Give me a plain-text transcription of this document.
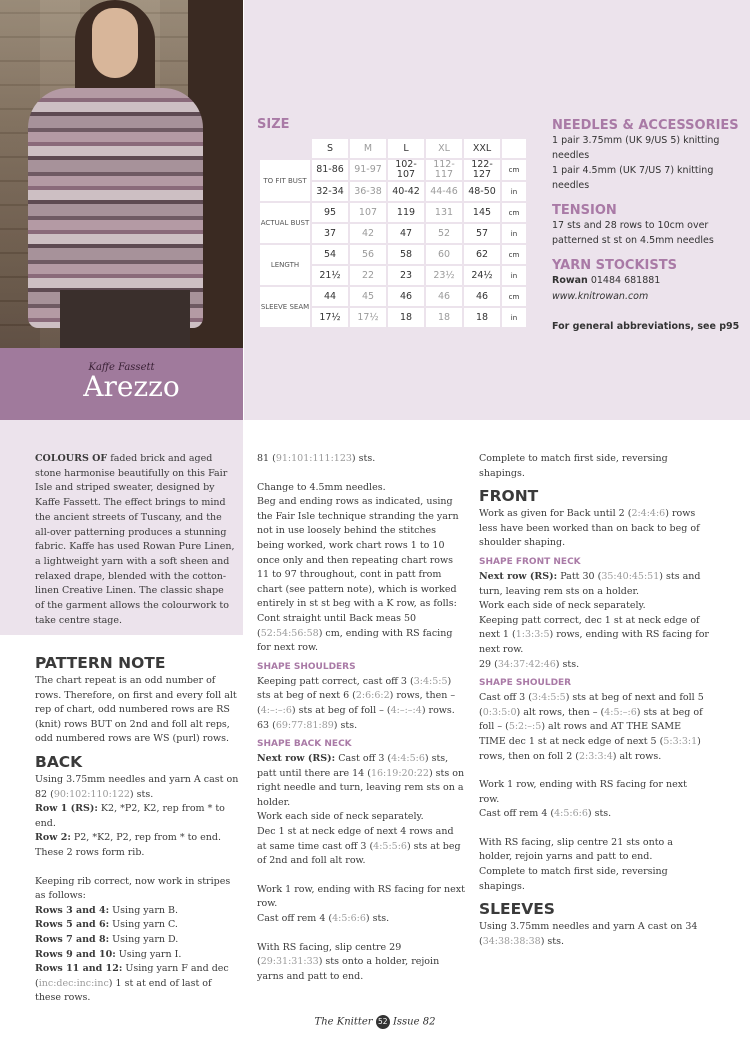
Kaffe Fassett
Arezzo
SIZE
	S	M	L	XL	XXL	
TO FIT BUST	81-86	91-97	102-107	112-117	122-127	cm
	32-34	36-38	40-42	44-46	48-50	in
ACTUAL BUST	95	107	119	131	145	cm
	37	42	47	52	57	in
LENGTH	54	56	58	60	62	cm
	21½	22	23	23½	24½	in
SLEEVE SEAM	44	45	46	46	46	cm
	17½	17½	18	18	18	in
NEEDLES & ACCESSORIES

1 pair 3.75mm (UK 9/US 5) knitting needles

1 pair 4.5mm (UK 7/US 7) knitting needles

TENSION

17 sts and 28 rows to 10cm over patterned st st on 4.5mm needles

YARN STOCKISTS

Rowan 01484 681881

www.knitrowan.com

For general abbreviations, see p95

COLOURS OF faded brick and aged stone harmonise beautifully on this Fair Isle and striped sweater, designed by Kaffe Fassett. The effect brings to mind the ancient streets of Tuscany, and the all-over patterning produces a stunning fabric. Kaffe has used Rowan Pure Linen, a lightweight yarn with a soft sheen and relaxed drape, blended with the cotton-linen Creative Linen. The classic shape of the garment allows the colourwork to take centre stage.
PATTERN NOTE

The chart repeat is an odd number of rows. Therefore, on first and every foll alt rep of chart, odd numbered rows are RS (knit) rows BUT on 2nd and foll alt reps, odd numbered rows are WS (purl) rows.

BACK

Using 3.75mm needles and yarn A cast on 82 (90:102:110:122) sts.

Row 1 (RS): K2, *P2, K2, rep from * to end.

Row 2: P2, *K2, P2, rep from * to end.

These 2 rows form rib.

Keeping rib correct, now work in stripes as follows:

Rows 3 and 4: Using yarn B.

Rows 5 and 6: Using yarn C.

Rows 7 and 8: Using yarn D.

Rows 9 and 10: Using yarn I.

Rows 11 and 12: Using yarn F and dec (inc:dec:inc:inc) 1 st at end of last of these rows.

81 (91:101:111:123) sts.

Change to 4.5mm needles.

Beg and ending rows as indicated, using the Fair Isle technique stranding the yarn not in use loosely behind the stitches being worked, work chart rows 1 to 10 once only and then repeating chart rows 11 to 97 throughout, cont in patt from chart (see pattern note), which is worked entirely in st st beg with a K row, as folls:

Cont straight until Back meas 50 (52:54:56:58) cm, ending with RS facing for next row.

SHAPE SHOULDERS

Keeping patt correct, cast off 3 (3:4:5:5) sts at beg of next 6 (2:6:6:2) rows, then – (4:–:–:6) sts at beg of foll – (4:–:–:4) rows. 63 (69:77:81:89) sts.

SHAPE BACK NECK

Next row (RS): Cast off 3 (4:4:5:6) sts, patt until there are 14 (16:19:20:22) sts on right needle and turn, leaving rem sts on a holder.

Work each side of neck separately.

Dec 1 st at neck edge of next 4 rows and at same time cast off 3 (4:5:5:6) sts at beg of 2nd and foll alt row.

Work 1 row, ending with RS facing for next row.

Cast off rem 4 (4:5:6:6) sts.

With RS facing, slip centre 29 (29:31:31:33) sts onto a holder, rejoin yarns and patt to end.

Complete to match first side, reversing shapings.

FRONT

Work as given for Back until 2 (2:4:4:6) rows less have been worked than on back to beg of shoulder shaping.

SHAPE FRONT NECK

Next row (RS): Patt 30 (35:40:45:51) sts and turn, leaving rem sts on a holder.

Work each side of neck separately.

Keeping patt correct, dec 1 st at neck edge of next 1 (1:3:3:5) rows, ending with RS facing for next row.

29 (34:37:42:46) sts.

SHAPE SHOULDER

Cast off 3 (3:4:5:5) sts at beg of next and foll 5 (0:3:5:0) alt rows, then – (4:5:–:6) sts at beg of foll – (5:2:–:5) alt rows and AT THE SAME TIME dec 1 st at neck edge of next 5 (5:3:3:1) rows, then on foll 2 (2:3:3:4) alt rows.

Work 1 row, ending with RS facing for next row.

Cast off rem 4 (4:5:6:6) sts.

With RS facing, slip centre 21 sts onto a holder, rejoin yarns and patt to end.

Complete to match first side, reversing shapings.

SLEEVES

Using 3.75mm needles and yarn A cast on 34 (34:38:38:38) sts.

The Knitter 52 Issue 82
